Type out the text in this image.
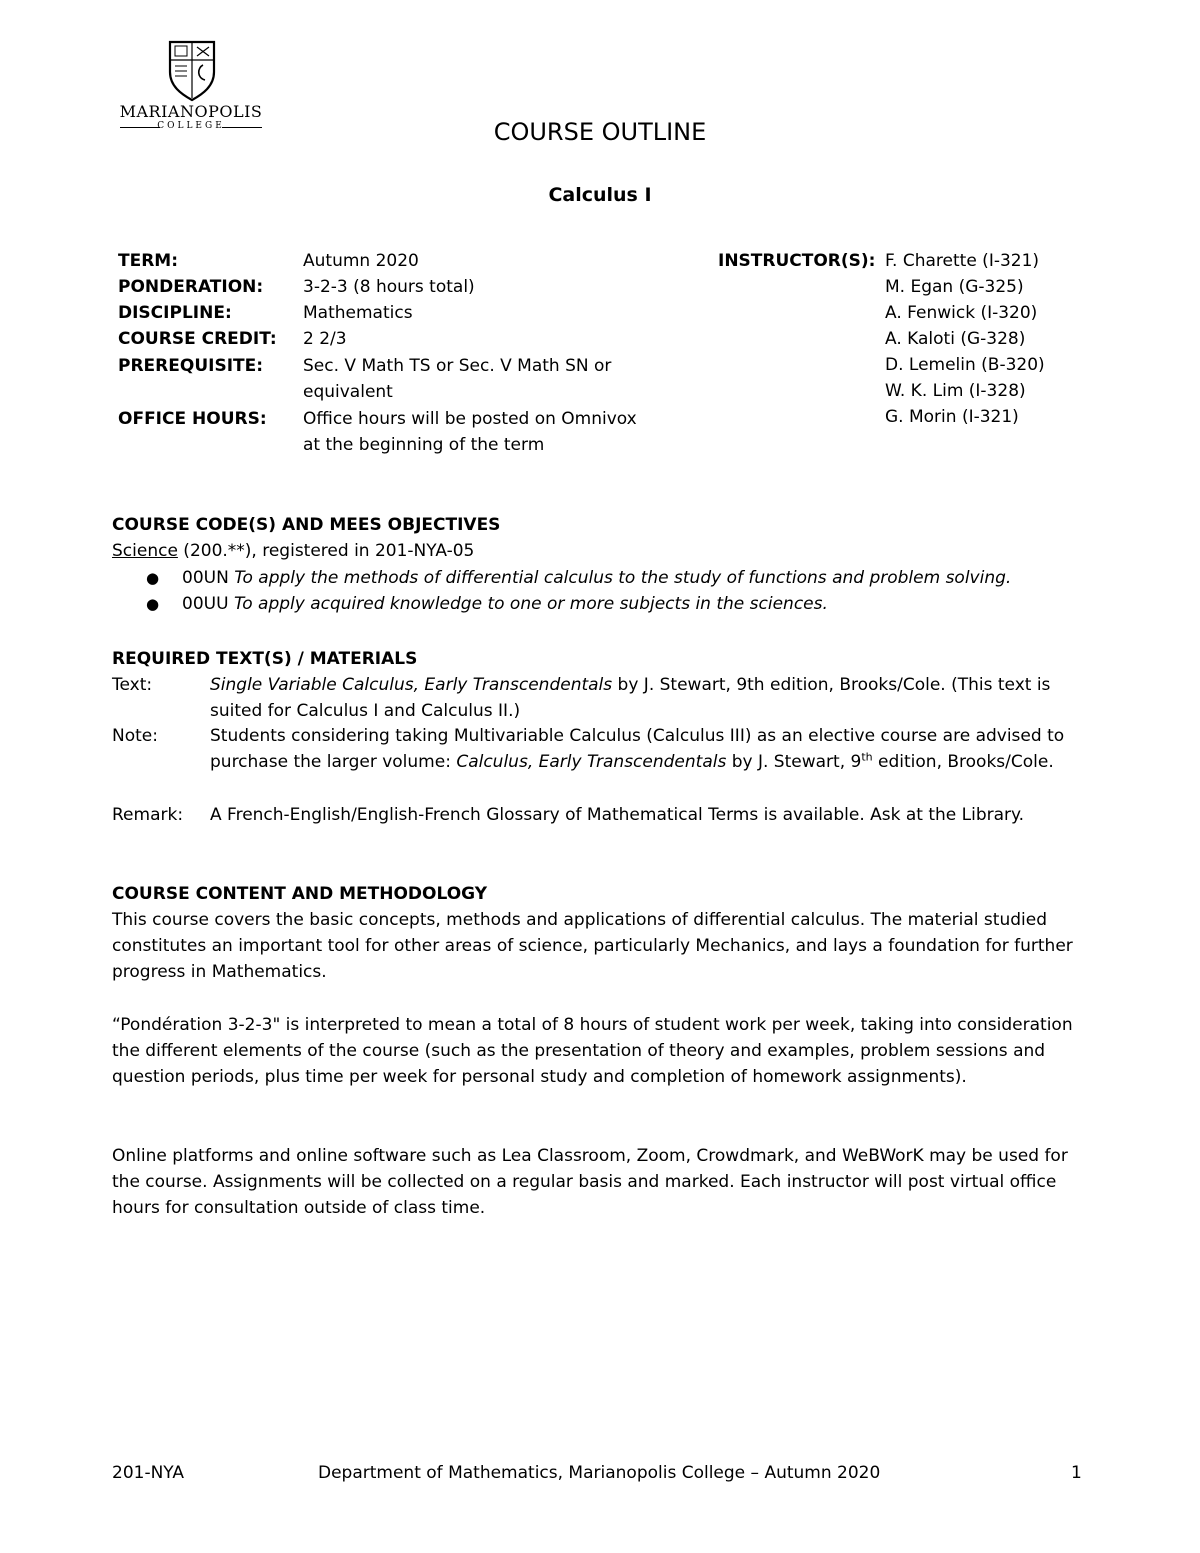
MARIANOPOLIS
COLLEGE	COURSE OUTLINE
Calculus I
TERM:	Autumn 2020
PONDERATION:	3-2-3 (8 hours total)
DISCIPLINE:	Mathematics
COURSE CREDIT:	2 2/3
PREREQUISITE:	Sec. V Math TS or Sec. V Math SN or equivalent
OFFICE HOURS:	Office hours will be posted on Omnivox at the beginning of the term
INSTRUCTOR(S): F. Charette (I-321)
M. Egan (G-325)
A. Fenwick (I-320)
A. Kaloti (G-328)
D. Lemelin (B-320)
W. K. Lim (I-328)
G. Morin (I-321)
COURSE CODE(S) AND MEES OBJECTIVES
Science (200.**), registered in 201-NYA-05
● 00UN To apply the methods of differential calculus to the study of functions and problem solving.
● 00UU To apply acquired knowledge to one or more subjects in the sciences.
REQUIRED TEXT(S) / MATERIALS
Text:	Single Variable Calculus, Early Transcendentals by J. Stewart, 9th edition, Brooks/Cole. (This text is suited for Calculus I and Calculus II.)
Note:	Students considering taking Multivariable Calculus (Calculus III) as an elective course are advised to purchase the larger volume: Calculus, Early Transcendentals by J. Stewart, 9th edition, Brooks/Cole.
Remark:	A French-English/English-French Glossary of Mathematical Terms is available. Ask at the Library.
COURSE CONTENT AND METHODOLOGY
This course covers the basic concepts, methods and applications of differential calculus. The material studied constitutes an important tool for other areas of science, particularly Mechanics, and lays a foundation for further progress in Mathematics.
“Pondération 3-2-3" is interpreted to mean a total of 8 hours of student work per week, taking into consideration the different elements of the course (such as the presentation of theory and examples, problem sessions and question periods, plus time per week for personal study and completion of homework assignments).
Online platforms and online software such as Lea Classroom, Zoom, Crowdmark, and WeBWorK may be used for the course. Assignments will be collected on a regular basis and marked. Each instructor will post virtual office hours for consultation outside of class time.
201-NYA	Department of Mathematics, Marianopolis College – Autumn 2020	1
